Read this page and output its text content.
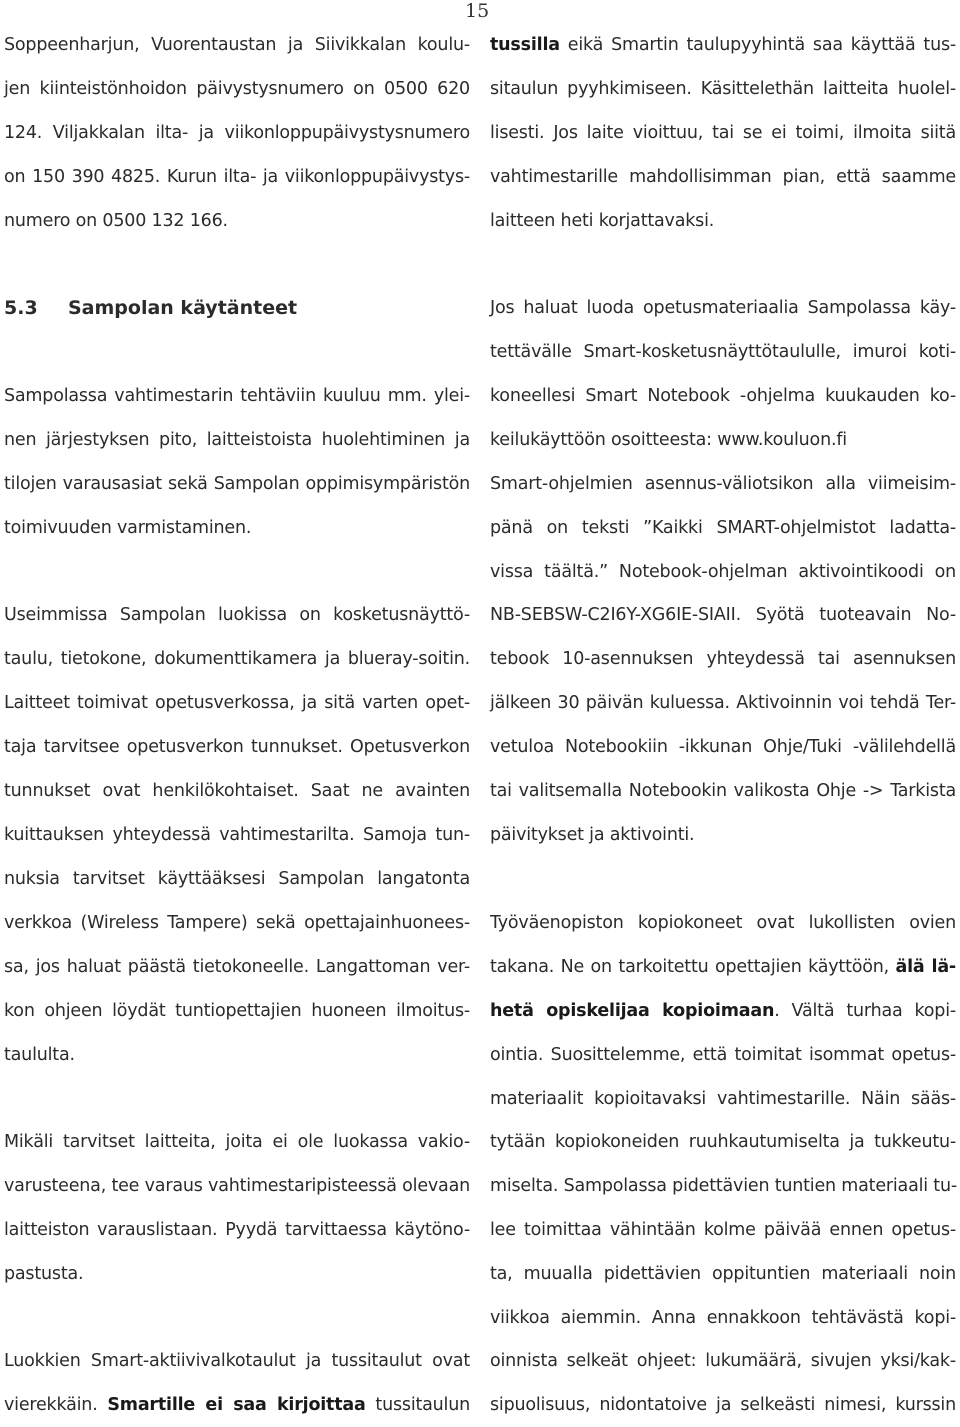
15
Soppeenharjun, Vuorentaustan ja Siivikkalan koulu-
jen kiinteistönhoidon päivystysnumero on 0500 620
124. Viljakkalan ilta- ja viikonloppupäivystysnumero
on 150 390 4825. Kurun ilta- ja viikonloppupäivystys-
numero on 0500 132 166.
5.3 Sampolan käytänteet
Sampolassa vahtimestarin tehtäviin kuuluu mm. ylei-
nen järjestyksen pito, laitteistoista huolehtiminen ja
tilojen varausasiat sekä Sampolan oppimisympäristön
toimivuuden varmistaminen.
Useimmissa Sampolan luokissa on kosketusnäyttö-
taulu, tietokone, dokumenttikamera ja blueray-soitin.
Laitteet toimivat opetusverkossa, ja sitä varten opet-
taja tarvitsee opetusverkon tunnukset. Opetusverkon
tunnukset ovat henkilökohtaiset. Saat ne avainten
kuittauksen yhteydessä vahtimestarilta. Samoja tun-
nuksia tarvitset käyttääksesi Sampolan langatonta
verkkoa (Wireless Tampere) sekä opettajainhuonees-
sa, jos haluat päästä tietokoneelle. Langattoman ver-
kon ohjeen löydät tuntiopettajien huoneen ilmoitus-
taululta.
Mikäli tarvitset laitteita, joita ei ole luokassa vakio-
varusteena, tee varaus vahtimestaripisteessä olevaan
laitteiston varauslistaan. Pyydä tarvittaessa käytöno-
pastusta.
Luokkien Smart-aktiivivalkotaulut ja tussitaulut ovat
vierekkäin. Smartille ei saa kirjoittaa tussitaulun
tussilla eikä Smartin taulupyyhintä saa käyttää tus-
sitaulun pyyhkimiseen. Käsittelethän laitteita huolel-
lisesti. Jos laite vioittuu, tai se ei toimi, ilmoita siitä
vahtimestarille mahdollisimman pian, että saamme
laitteen heti korjattavaksi.
Jos haluat luoda opetusmateriaalia Sampolassa käy-
tettävälle Smart-kosketusnäyttötaululle, imuroi koti-
koneellesi Smart Notebook -ohjelma kuukauden ko-
keilukäyttöön osoitteesta: www.kouluon.fi
Smart-ohjelmien asennus-väliotsikon alla viimeisim-
pänä on teksti ”Kaikki SMART-ohjelmistot ladatta-
vissa täältä.” Notebook-ohjelman aktivointikoodi on
NB-SEBSW-C2I6Y-XG6IE-SIAII. Syötä tuoteavain No-
tebook 10-asennuksen yhteydessä tai asennuksen
jälkeen 30 päivän kuluessa. Aktivoinnin voi tehdä Ter-
vetuloa Notebookiin -ikkunan Ohje/Tuki -välilehdellä
tai valitsemalla Notebookin valikosta Ohje -> Tarkista
päivitykset ja aktivointi.
Työväenopiston kopiokoneet ovat lukollisten ovien
takana. Ne on tarkoitettu opettajien käyttöön, älä lä-
hetä opiskelijaa kopioimaan. Vältä turhaa kopi-
ointia. Suosittelemme, että toimitat isommat opetus-
materiaalit kopioitavaksi vahtimestarille. Näin sääs-
tytään kopiokoneiden ruuhkautumiselta ja tukkeutu-
miselta. Sampolassa pidettävien tuntien materiaali tu-
lee toimittaa vähintään kolme päivää ennen opetus-
ta, muualla pidettävien oppituntien materiaali noin
viikkoa aiemmin. Anna ennakkoon tehtävästä kopi-
oinnista selkeät ohjeet: lukumäärä, sivujen yksi/kak-
sipuolisuus, nidontatoive ja selkeästi nimesi, kurssin
